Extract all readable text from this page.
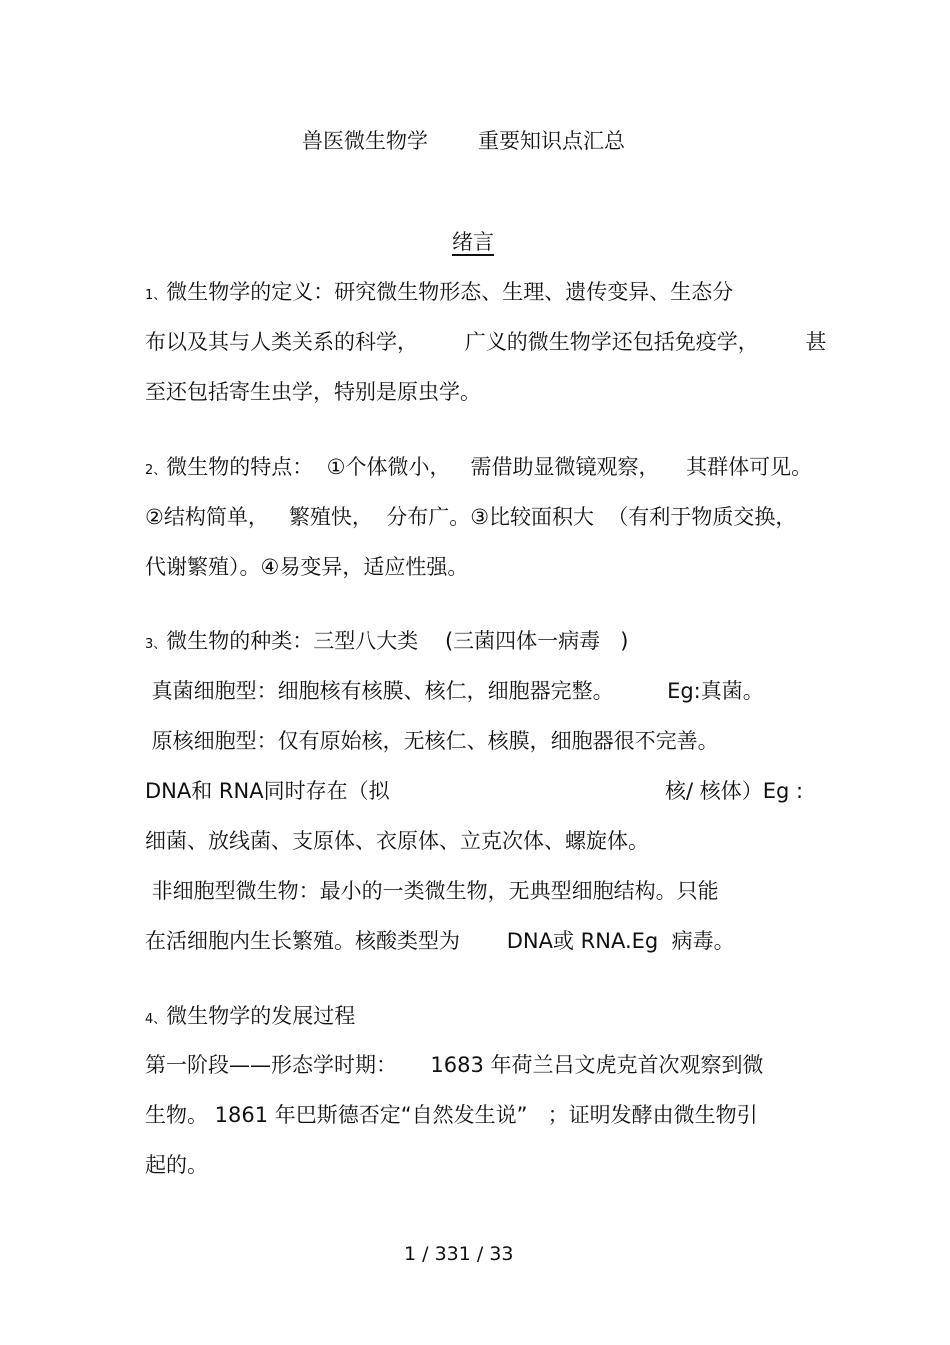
兽医微生物学 重要知识点汇总
绪言
1、微生物学的定义：研究微生物形态、生理、遗传变异、生态分
布以及其与人类关系的科学，       广义的微生物学还包括免疫学，       甚
至还包括寄生虫学，特别是原虫学。
2、微生物的特点：  ①个体微小，   需借助显微镜观察，    其群体可见。
②结构简单，   繁殖快，  分布广。③比较面积大  （有利于物质交换，
代谢繁殖）。④易变异，适应性强。
3、微生物的种类：三型八大类    (三菌四体一病毒   )
真菌细胞型：细胞核有核膜、核仁，细胞器完整。        Eg:真菌。
原核细胞型：仅有原始核，无核仁、核膜，细胞器很不完善。
DNA和 RNA同时存在（拟	核/ 核体）Eg :
细菌、放线菌、支原体、衣原体、立克次体、螺旋体。
非细胞型微生物：最小的一类微生物，无典型细胞结构。只能
在活细胞内生长繁殖。核酸类型为       DNA或 RNA.Eg  病毒。
4、微生物学的发展过程
第一阶段——形态学时期：     1683 年荷兰吕文虎克首次观察到微
生物。 1861 年巴斯德否定“自然发生说”   ；证明发酵由微生物引
起的。
1 / 331 / 33
